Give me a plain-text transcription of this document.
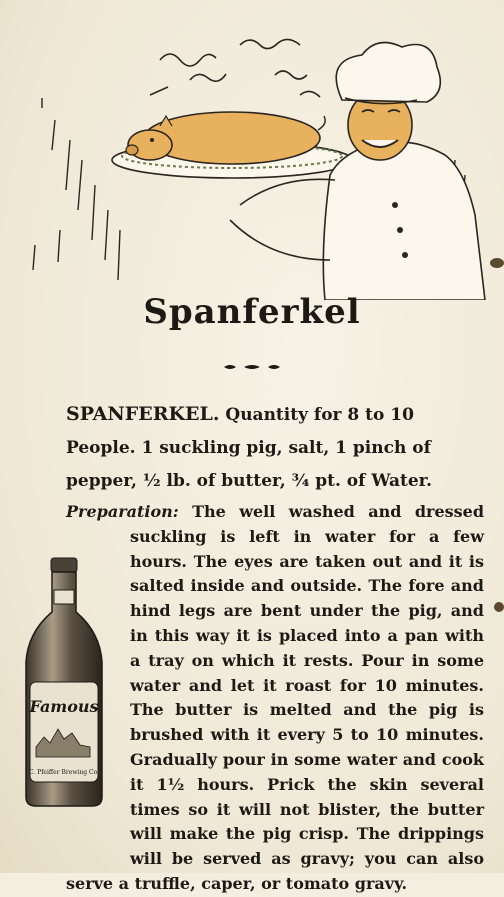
Spanferkel
SPANFERKEL. Quantity for 8 to 10 People. 1 suckling pig, salt, 1 pinch of pepper, ½ lb. of butter, ¾ pt. of Water.
Preparation: The well washed and dressed suckling is left in water for a few hours. The eyes are taken out and it is salted inside and outside. The fore and hind legs are bent under the pig, and in this way it is placed into a pan with a tray on which it rests. Pour in some water and let it roast for 10 minutes. The butter is melted and the pig is brushed with it every 5 to 10 minutes. Gradually pour in some water and cook it 1½ hours. Prick the skin several times so it will not blister, the butter will make the pig crisp. The drippings will be served as gravy; you can also serve a truffle, caper, or tomato gravy.
Famous
C. Pfeiffer Brewing Co.
